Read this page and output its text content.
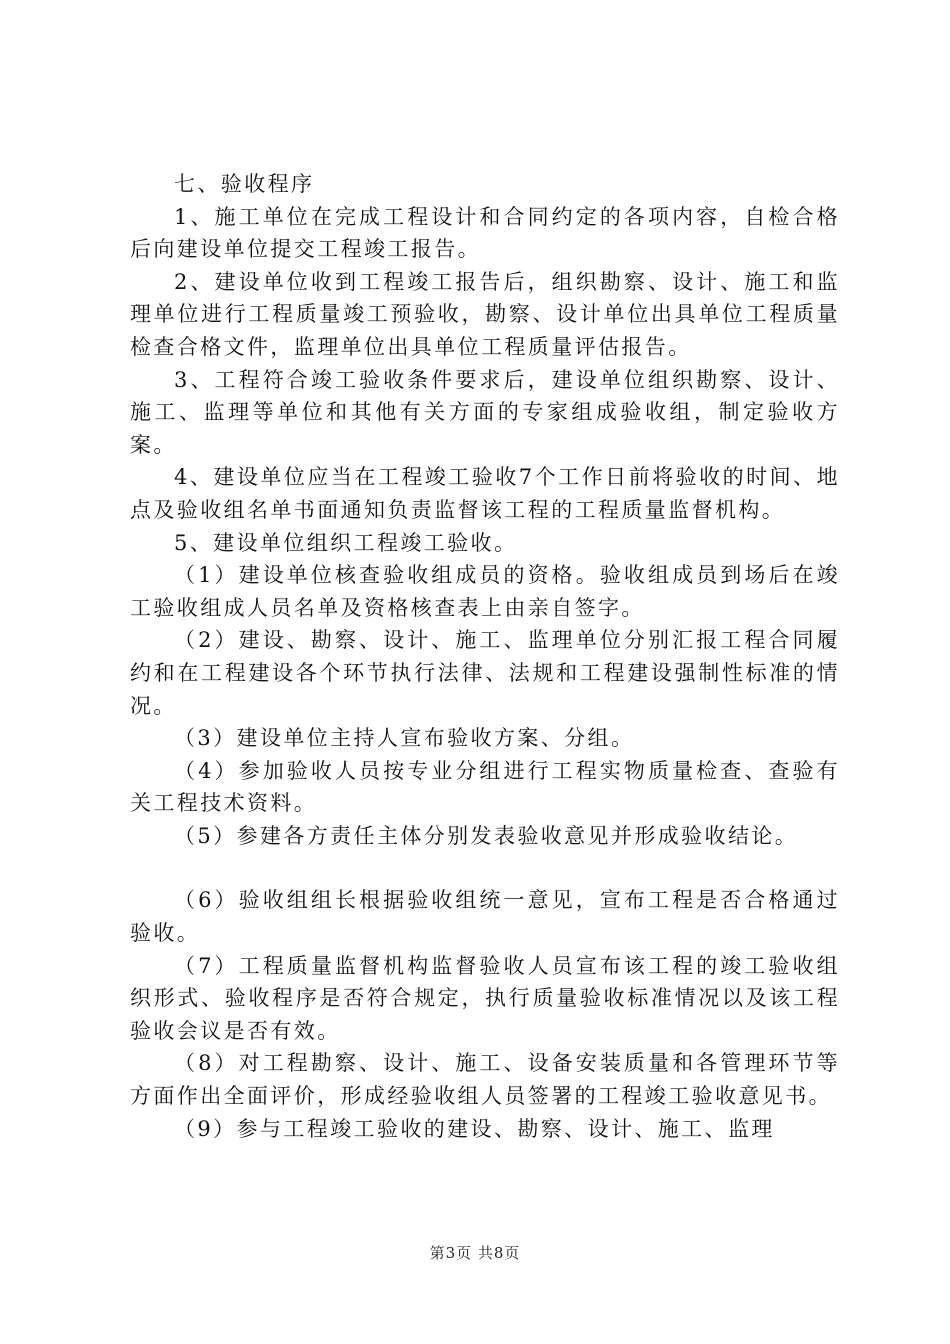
七、验收程序

1、施工单位在完成工程设计和合同约定的各项内容，自检合格后向建设单位提交工程竣工报告。

2、建设单位收到工程竣工报告后，组织勘察、设计、施工和监理单位进行工程质量竣工预验收，勘察、设计单位出具单位工程质量检查合格文件，监理单位出具单位工程质量评估报告。

3、工程符合竣工验收条件要求后，建设单位组织勘察、设计、施工、监理等单位和其他有关方面的专家组成验收组，制定验收方案。

4、建设单位应当在工程竣工验收7个工作日前将验收的时间、地点及验收组名单书面通知负责监督该工程的工程质量监督机构。

5、建设单位组织工程竣工验收。

（1）建设单位核查验收组成员的资格。验收组成员到场后在竣工验收组成人员名单及资格核查表上由亲自签字。

（2）建设、勘察、设计、施工、监理单位分别汇报工程合同履约和在工程建设各个环节执行法律、法规和工程建设强制性标准的情况。

（3）建设单位主持人宣布验收方案、分组。

（4）参加验收人员按专业分组进行工程实物质量检查、查验有关工程技术资料。

（5）参建各方责任主体分别发表验收意见并形成验收结论。

（6）验收组组长根据验收组统一意见，宣布工程是否合格通过验收。

（7）工程质量监督机构监督验收人员宣布该工程的竣工验收组织形式、验收程序是否符合规定，执行质量验收标准情况以及该工程验收会议是否有效。

（8）对工程勘察、设计、施工、设备安装质量和各管理环节等方面作出全面评价，形成经验收组人员签署的工程竣工验收意见书。

（9）参与工程竣工验收的建设、勘察、设计、施工、监理

第3页 共8页
